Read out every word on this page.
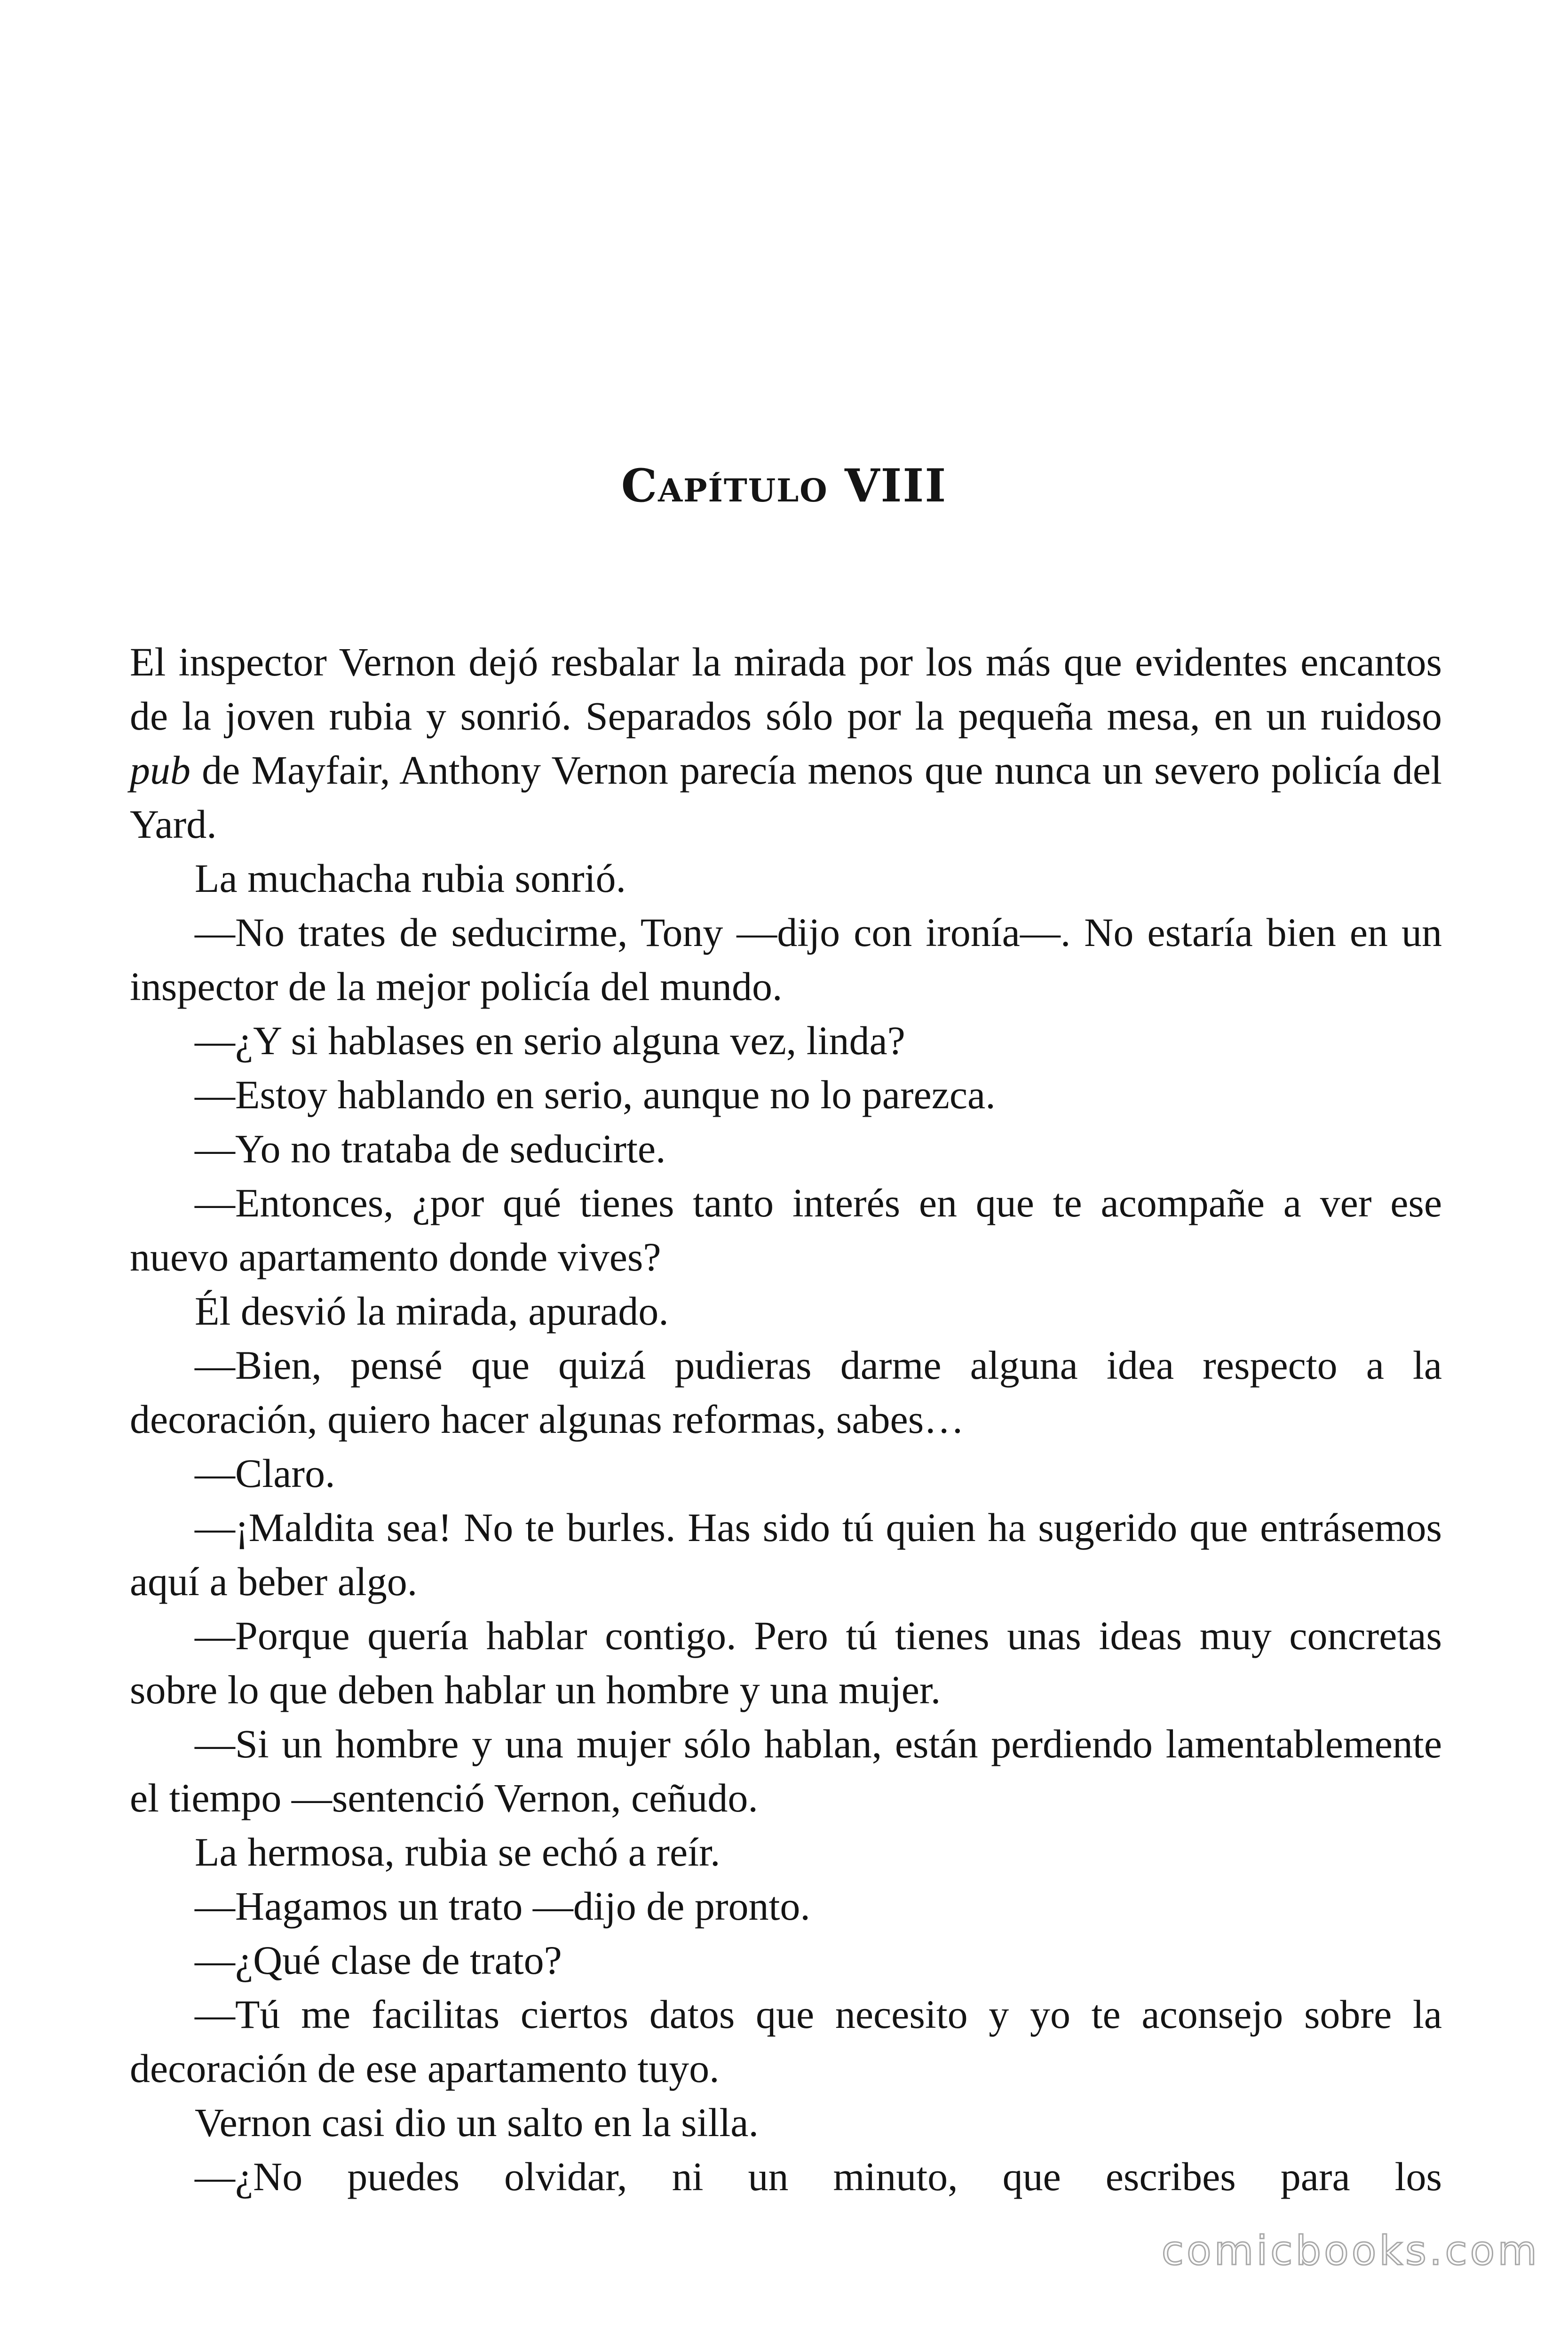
Capítulo VIII

El inspector Vernon dejó resbalar la mirada por los más que evidentes encantos de la joven rubia y sonrió. Separados sólo por la pequeña mesa, en un ruidoso pub de Mayfair, Anthony Vernon parecía menos que nunca un severo policía del Yard.

La muchacha rubia sonrió.

—No trates de seducirme, Tony —dijo con ironía—. No estaría bien en un inspector de la mejor policía del mundo.

—¿Y si hablases en serio alguna vez, linda?

—Estoy hablando en serio, aunque no lo parezca.

—Yo no trataba de seducirte.

—Entonces, ¿por qué tienes tanto interés en que te acompañe a ver ese nuevo apartamento donde vives?

Él desvió la mirada, apurado.

—Bien, pensé que quizá pudieras darme alguna idea respecto a la decoración, quiero hacer algunas reformas, sabes…

—Claro.

—¡Maldita sea! No te burles. Has sido tú quien ha sugerido que entrásemos aquí a beber algo.

—Porque quería hablar contigo. Pero tú tienes unas ideas muy concretas sobre lo que deben hablar un hombre y una mujer.

—Si un hombre y una mujer sólo hablan, están perdiendo lamentablemente el tiempo —sentenció Vernon, ceñudo.

La hermosa, rubia se echó a reír.

—Hagamos un trato —dijo de pronto.

—¿Qué clase de trato?

—Tú me facilitas ciertos datos que necesito y yo te aconsejo sobre la decoración de ese apartamento tuyo.

Vernon casi dio un salto en la silla.

—¿No puedes olvidar, ni un minuto, que escribes para los

comicbooks.com
